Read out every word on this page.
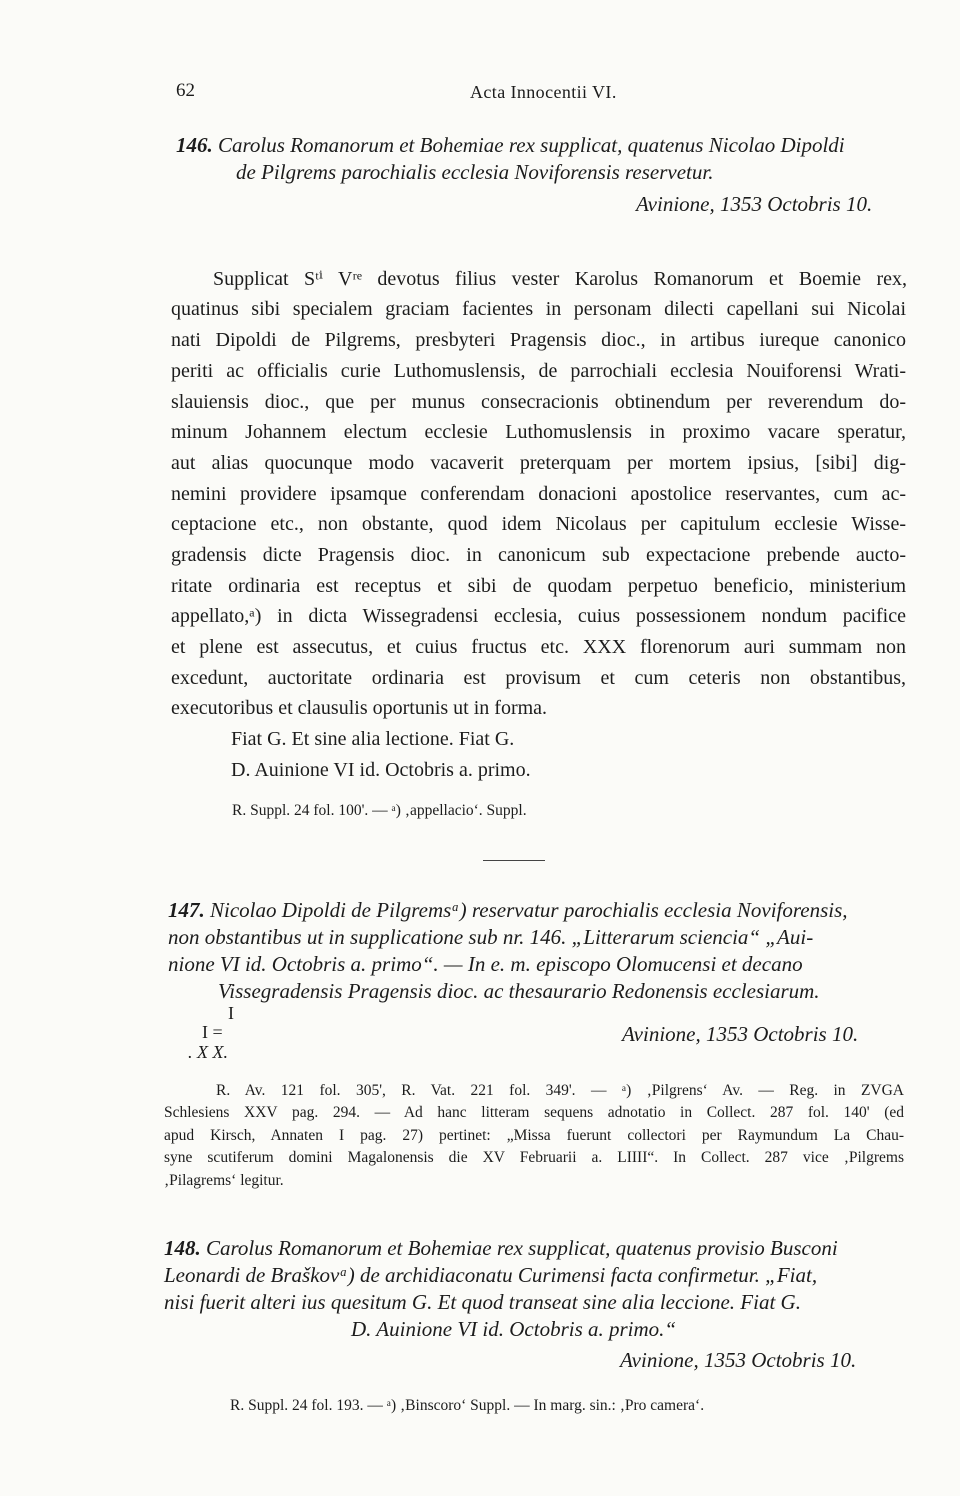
62	Acta Innocentii VI.
146. Carolus Romanorum et Bohemiae rex supplicat, quatenus Nicolao Dipoldi
de Pilgrems parochialis ecclesia Noviforensis reservetur.
Avinione, 1353 Octobris 10.
Supplicat Sᵗⁱ Vʳᵉ devotus filius vester Karolus Romanorum et Boemie rex,
quatinus sibi specialem graciam facientes in personam dilecti capellani sui Nicolai
nati Dipoldi de Pilgrems, presbyteri Pragensis dioc., in artibus iureque canonico
periti ac officialis curie Luthomuslensis, de parrochiali ecclesia Nouiforensi Wrati-
slauiensis dioc., que per munus consecracionis obtinendum per reverendum do-
minum Johannem electum ecclesie Luthomuslensis in proximo vacare speratur,
aut alias quocunque modo vacaverit preterquam per mortem ipsius, [sibi] dig-
nemini providere ipsamque conferendam donacioni apostolice reservantes, cum ac-
ceptacione etc., non obstante, quod idem Nicolaus per capitulum ecclesie Wisse-
gradensis dicte Pragensis dioc. in canonicum sub expectacione prebende aucto-
ritate ordinaria est receptus et sibi de quodam perpetuo beneficio, ministerium
appellato,ᵃ) in dicta Wissegradensi ecclesia, cuius possessionem nondum pacifice
et plene est assecutus, et cuius fructus etc. XXX florenorum auri summam non
excedunt, auctoritate ordinaria est provisum et cum ceteris non obstantibus,
executoribus et clausulis oportunis ut in forma.
Fiat G. Et sine alia lectione. Fiat G.
D. Auinione VI id. Octobris a. primo.
R. Suppl. 24 fol. 100'. — ᵃ) ‚appellacio‘. Suppl.
147. Nicolao Dipoldi de Pilgremsᵃ) reservatur parochialis ecclesia Noviforensis,
non obstantibus ut in supplicatione sub nr. 146. „Litterarum sciencia“ „Aui-
nione VI id. Octobris a. primo“. — In e. m. episcopo Olomucensi et decano
Vissegradensis Pragensis dioc. ac thesaurario Redonensis ecclesiarum.
I
I =
. X X.
Avinione, 1353 Octobris 10.
R. Av. 121 fol. 305', R. Vat. 221 fol. 349'. — ᵃ) ‚Pilgrens‘ Av. — Reg. in ZVGA
Schlesiens XXV pag. 294. — Ad hanc litteram sequens adnotatio in Collect. 287 fol. 140' (ed
apud Kirsch, Annaten I pag. 27) pertinet: „Missa fuerunt collectori per Raymundum La Chau-
syne scutiferum domini Magalonensis die XV Februarii a. LIIII“. In Collect. 287 vice ‚Pilgrems
‚Pilagrems‘ legitur.
148. Carolus Romanorum et Bohemiae rex supplicat, quatenus provisio Busconi
Leonardi de Braškovᵃ) de archidiaconatu Curimensi facta confirmetur. „Fiat,
nisi fuerit alteri ius quesitum G. Et quod transeat sine alia leccione. Fiat G.
D. Auinione VI id. Octobris a. primo.“
Avinione, 1353 Octobris 10.
R. Suppl. 24 fol. 193. — ᵃ) ‚Binscoro‘ Suppl. — In marg. sin.: ‚Pro camera‘.
